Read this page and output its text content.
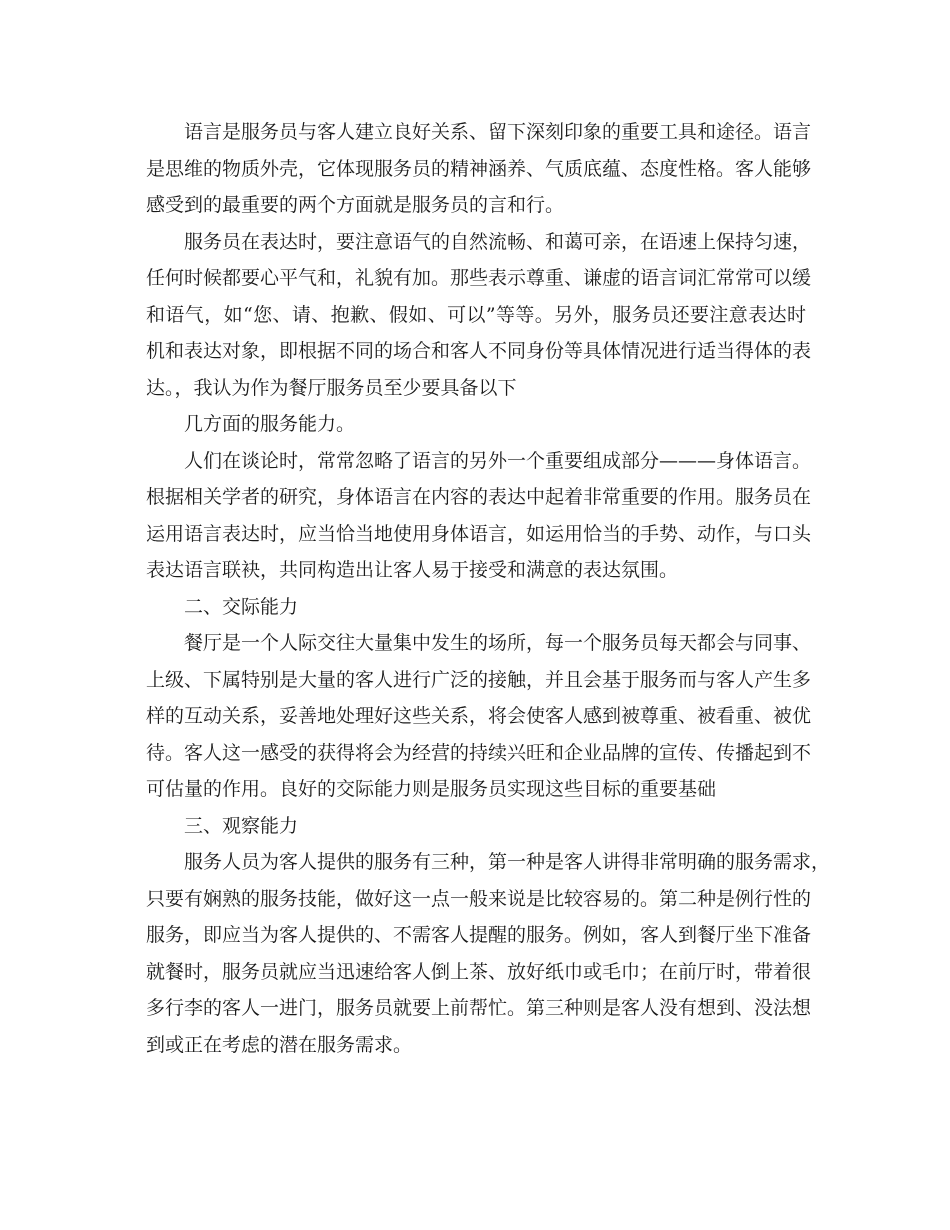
语言是服务员与客人建立良好关系、留下深刻印象的重要工具和途径。语言
是思维的物质外壳，它体现服务员的精神涵养、气质底蕴、态度性格。客人能够
感受到的最重要的两个方面就是服务员的言和行。

服务员在表达时，要注意语气的自然流畅、和蔼可亲，在语速上保持匀速，
任何时候都要心平气和，礼貌有加。那些表示尊重、谦虚的语言词汇常常可以缓
和语气，如“您、请、抱歉、假如、可以”等等。另外，服务员还要注意表达时
机和表达对象，即根据不同的场合和客人不同身份等具体情况进行适当得体的表
达。，我认为作为餐厅服务员至少要具备以下

几方面的服务能力。

人们在谈论时，常常忽略了语言的另外一个重要组成部分———身体语言。
根据相关学者的研究，身体语言在内容的表达中起着非常重要的作用。服务员在
运用语言表达时，应当恰当地使用身体语言，如运用恰当的手势、动作，与口头
表达语言联袂，共同构造出让客人易于接受和满意的表达氛围。

二、交际能力

餐厅是一个人际交往大量集中发生的场所，每一个服务员每天都会与同事、
上级、下属特别是大量的客人进行广泛的接触，并且会基于服务而与客人产生多
样的互动关系，妥善地处理好这些关系，将会使客人感到被尊重、被看重、被优
待。客人这一感受的获得将会为经营的持续兴旺和企业品牌的宣传、传播起到不
可估量的作用。良好的交际能力则是服务员实现这些目标的重要基础

三、观察能力

服务人员为客人提供的服务有三种，第一种是客人讲得非常明确的服务需求，
只要有娴熟的服务技能，做好这一点一般来说是比较容易的。第二种是例行性的
服务，即应当为客人提供的、不需客人提醒的服务。例如，客人到餐厅坐下准备
就餐时，服务员就应当迅速给客人倒上茶、放好纸巾或毛巾；在前厅时，带着很
多行李的客人一进门，服务员就要上前帮忙。第三种则是客人没有想到、没法想
到或正在考虑的潜在服务需求。
